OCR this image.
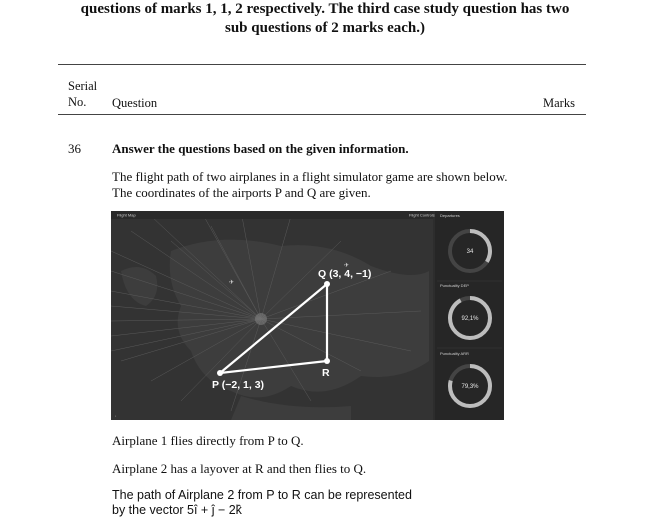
questions of marks 1, 1, 2 respectively. The third case study question has two
sub questions of 2 marks each.)
Serial No.	Question	Marks
36 Answer the questions based on the given information.
The flight path of two airplanes in a flight simulator game are shown below.
The coordinates of the airports P and Q are given.
Flight Map	Flight Controls
▪
✈
✈
P (−2, 1, 3)
Q (3, 4, −1)
R
Departures
34
Punctuality DEP
92,1%
Punctuality ARR
79,3%
Airplane 1 flies directly from P to Q.
Airplane 2 has a layover at R and then flies to Q.
The path of Airplane 2 from P to R can be represented
by the vector 5î + ĵ − 2k̂
